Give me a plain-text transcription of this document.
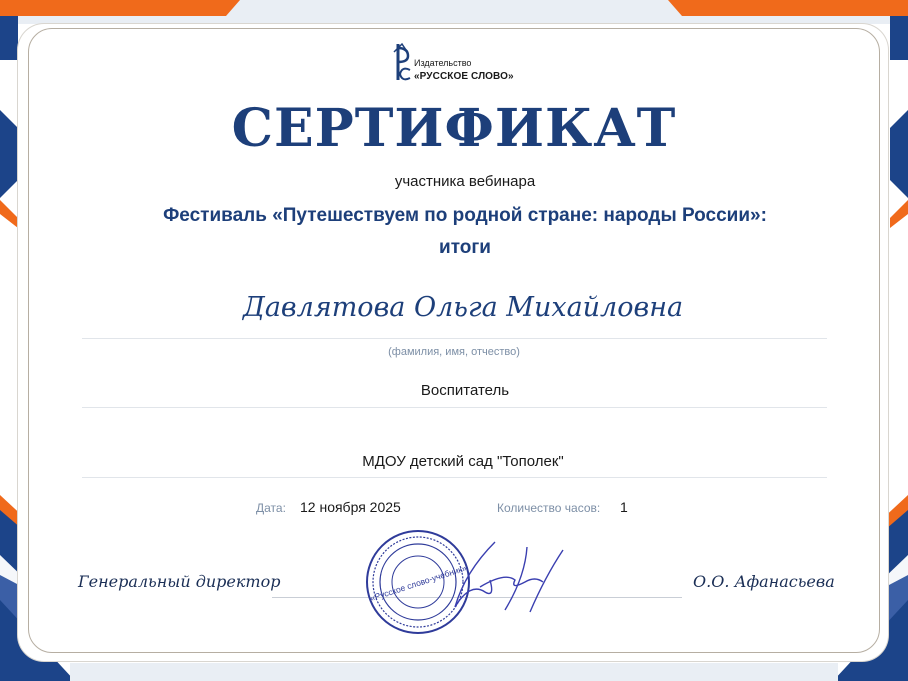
Издательство
«РУССКОЕ СЛОВО»
СЕРТИФИКАТ
участника вебинара
Фестиваль «Путешествуем по родной стране: народы России»:
итоги
Давлятова Ольга Михайловна
(фамилия, имя, отчество)
Воспитатель
МДОУ детский сад "Тополек"
Дата: 12 ноября 2025	Количество часов: 1
Генеральный директор	О.О. Афанасьева
«Русское слово-учебник»
